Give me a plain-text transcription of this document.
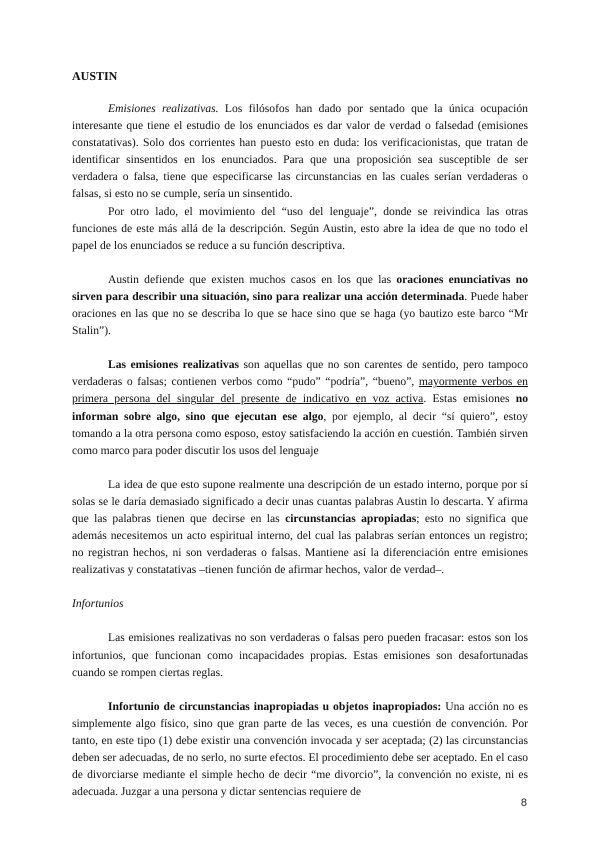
AUSTIN

Emisiones realizativas. Los filósofos han dado por sentado que la única ocupación interesante que tiene el estudio de los enunciados es dar valor de verdad o falsedad (emisiones constatativas). Solo dos corrientes han puesto esto en duda: los verificacionistas, que tratan de identificar sinsentidos en los enunciados. Para que una proposición sea susceptible de ser verdadera o falsa, tiene que especificarse las circunstancias en las cuales serían verdaderas o falsas, si esto no se cumple, sería un sinsentido.

Por otro lado, el movimiento del “uso del lenguaje”, donde se reivindica las otras funciones de este más allá de la descripción. Según Austin, esto abre la idea de que no todo el papel de los enunciados se reduce a su función descriptiva.

Austin defiende que existen muchos casos en los que las oraciones enunciativas no sirven para describir una situación, sino para realizar una acción determinada. Puede haber oraciones en las que no se describa lo que se hace sino que se haga (yo bautizo este barco “Mr Stalin”).

Las emisiones realizativas son aquellas que no son carentes de sentido, pero tampoco verdaderas o falsas; contienen verbos como “pudo” “podría”, “bueno”, mayormente verbos en primera persona del singular del presente de indicativo en voz activa. Estas emisiones no informan sobre algo, sino que ejecutan ese algo, por ejemplo, al decir “sí quiero”, estoy tomando a la otra persona como esposo, estoy satisfaciendo la acción en cuestión. También sirven como marco para poder discutir los usos del lenguaje

La idea de que esto supone realmente una descripción de un estado interno, porque por sí solas se le daría demasiado significado a decir unas cuantas palabras Austin lo descarta. Y afirma que las palabras tienen que decirse en las circunstancias apropiadas; esto no significa que además necesitemos un acto espiritual interno, del cual las palabras serían entonces un registro; no registran hechos, ni son verdaderas o falsas. Mantiene así la diferenciación entre emisiones realizativas y constatativas –tienen función de afirmar hechos, valor de verdad–.

Infortunios

Las emisiones realizativas no son verdaderas o falsas pero pueden fracasar: estos son los infortunios, que funcionan como incapacidades propias. Estas emisiones son desafortunadas cuando se rompen ciertas reglas.

Infortunio de circunstancias inapropiadas u objetos inapropiados: Una acción no es simplemente algo físico, sino que gran parte de las veces, es una cuestión de convención. Por tanto, en este tipo (1) debe existir una convención invocada y ser aceptada; (2) las circunstancias deben ser adecuadas, de no serlo, no surte efectos. El procedimiento debe ser aceptado. En el caso de divorciarse mediante el simple hecho de decir “me divorcio”, la convención no existe, ni es adecuada. Juzgar a una persona y dictar sentencias requiere de

8
